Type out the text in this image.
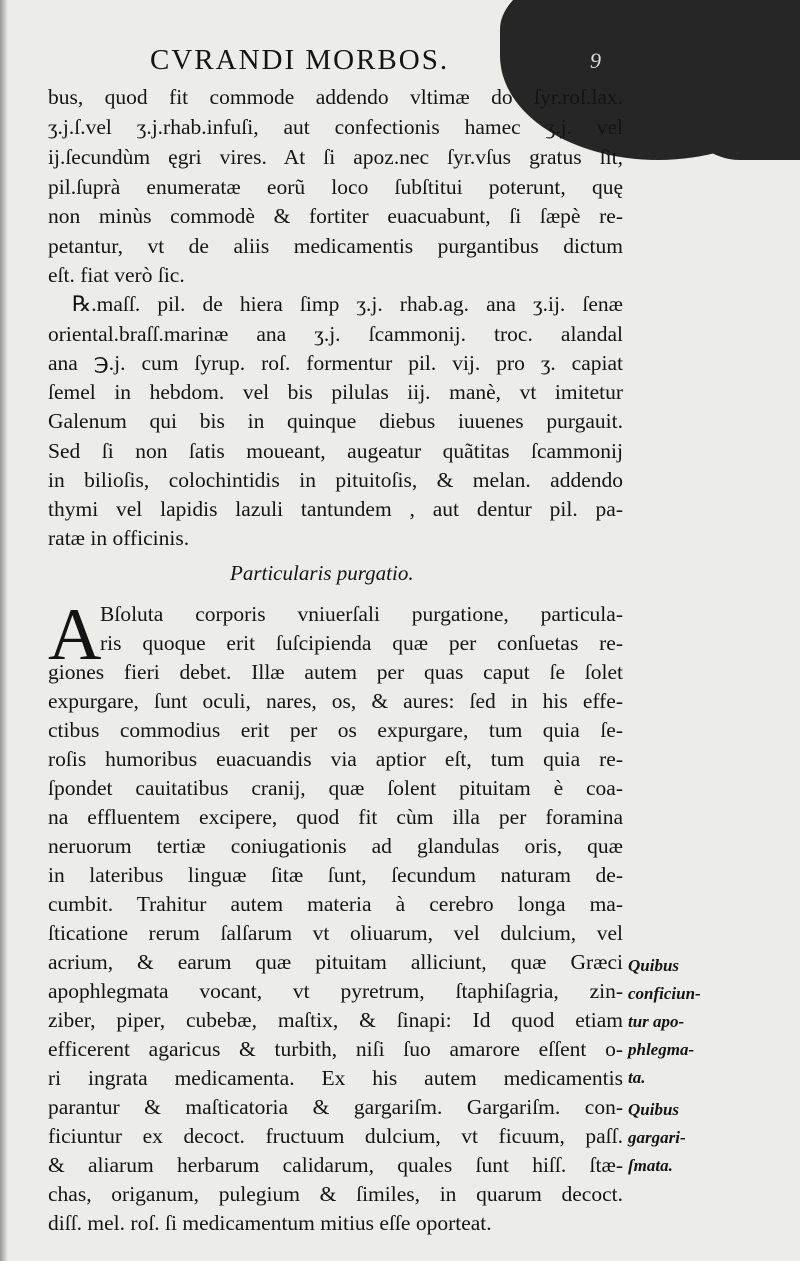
CVRANDI MORBOS.	9
bus, quod fit commode addendo vltimæ do ſyr.roſ.lax.
ʒ.j.ſ.vel ʒ.j.rhab.infuſi, aut confectionis hamec ʒ.j. vel
ij.ſecundùm ęgri vires. At ſi apoz.nec ſyr.vſus gratus ſit,
pil.ſuprà enumeratæ eorũ loco ſubſtitui poterunt, quę
non minùs commodè & fortiter euacuabunt, ſi ſæpè re-
petantur, vt de aliis medicamentis purgantibus dictum
eſt. fiat verò ſic.
℞.maſſ. pil. de hiera ſimp ʒ.j. rhab.ag. ana ʒ.ij. ſenæ
oriental.braſſ.marinæ ana ʒ.j. ſcammonij. troc. alandal
ana ℈.j. cum ſyrup. roſ. formentur pil. vij. pro ʒ. capiat
ſemel in hebdom. vel bis pilulas iij. manè, vt imitetur
Galenum qui bis in quinque diebus iuuenes purgauit.
Sed ſi non ſatis moueant, augeatur quãtitas ſcammonij
in bilioſis, colochintidis in pituitoſis, & melan. addendo
thymi vel lapidis lazuli tantundem , aut dentur pil. pa-
ratæ in officinis.
Particularis purgatio.
A
Bſoluta corporis vniuerſali purgatione, particula-
ris quoque erit ſuſcipienda quæ per conſuetas re-
giones fieri debet. Illæ autem per quas caput ſe ſolet
expurgare, ſunt oculi, nares, os, & aures: ſed in his effe-
ctibus commodius erit per os expurgare, tum quia ſe-
roſis humoribus euacuandis via aptior eſt, tum quia re-
ſpondet cauitatibus cranij, quæ ſolent pituitam è coa-
na effluentem excipere, quod fit cùm illa per foramina
neruorum tertiæ coniugationis ad glandulas oris, quæ
in lateribus linguæ ſitæ ſunt, ſecundum naturam de-
cumbit. Trahitur autem materia à cerebro longa ma-
ſticatione rerum ſalſarum vt oliuarum, vel dulcium, vel
acrium, & earum quæ pituitam alliciunt, quæ Græci
apophlegmata vocant, vt pyretrum, ſtaphiſagria, zin-
ziber, piper, cubebæ, maſtix, & ſinapi: Id quod etiam
efficerent agaricus & turbith, niſi ſuo amarore eſſent o-
ri ingrata medicamenta. Ex his autem medicamentis
parantur & maſticatoria & gargariſm. Gargariſm. con-
ficiuntur ex decoct. fructuum dulcium, vt ficuum, paſſ.
& aliarum herbarum calidarum, quales ſunt hiſſ. ſtæ-
chas, origanum, pulegium & ſimiles, in quarum decoct.
diſſ. mel. roſ. ſi medicamentum mitius eſſe oporteat.
Quibus
conficiun-
tur apo-
phlegma-
ta.
Quibus
gargari-
ſmata.
